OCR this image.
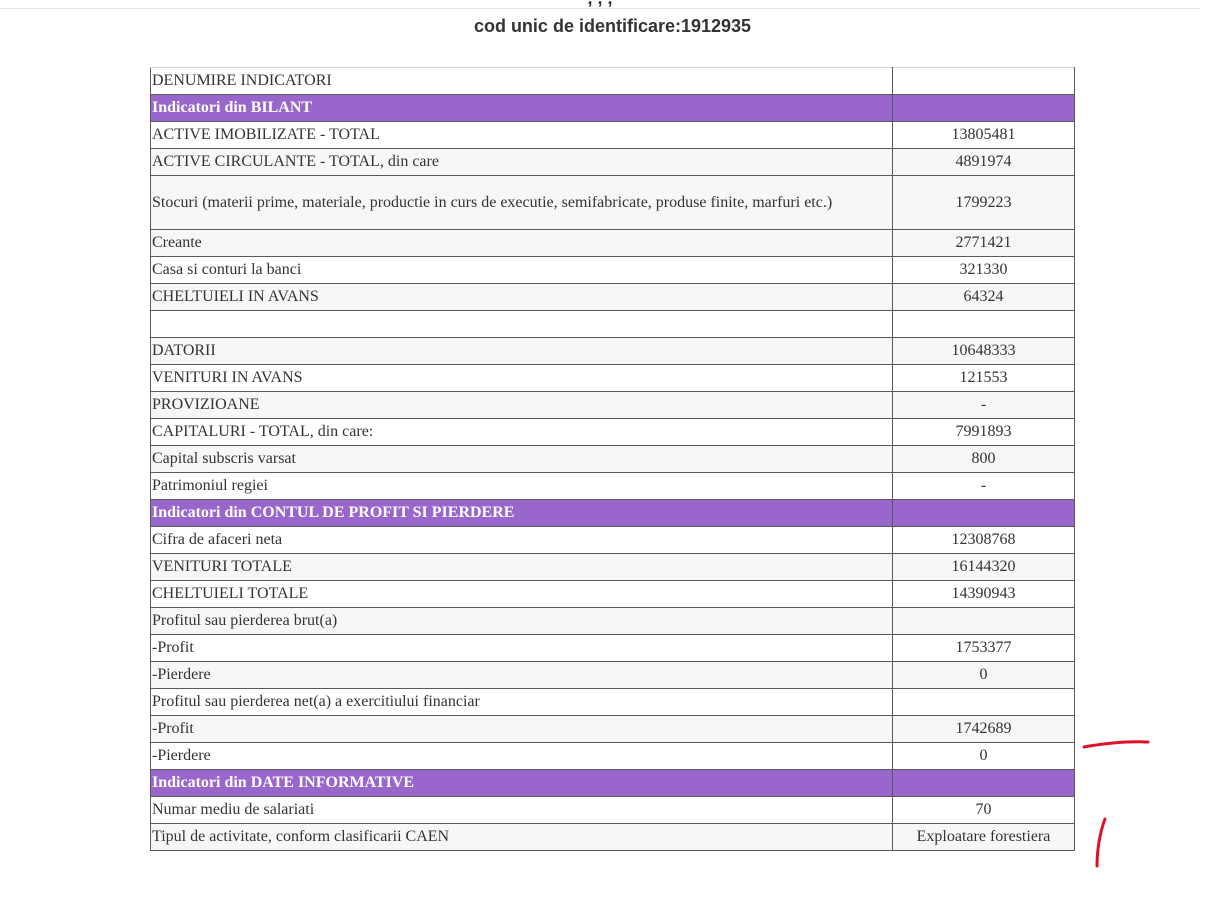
cod unic de identificare:1912935
DENUMIRE INDICATORI	
Indicatori din BILANT	
ACTIVE IMOBILIZATE - TOTAL	13805481
ACTIVE CIRCULANTE - TOTAL, din care	4891974
Stocuri (materii prime, materiale, productie in curs de executie, semifabricate, produse finite, marfuri etc.)	1799223
Creante	2771421
Casa si conturi la banci	321330
CHELTUIELI IN AVANS	64324

DATORII	10648333
VENITURI IN AVANS	121553
PROVIZIOANE	-
CAPITALURI - TOTAL, din care:	7991893
Capital subscris varsat	800
Patrimoniul regiei	-
Indicatori din CONTUL DE PROFIT SI PIERDERE	
Cifra de afaceri neta	12308768
VENITURI TOTALE	16144320
CHELTUIELI TOTALE	14390943
Profitul sau pierderea brut(a)	
-Profit	1753377
-Pierdere	0
Profitul sau pierderea net(a) a exercitiului financiar	
-Profit	1742689
-Pierdere	0
Indicatori din DATE INFORMATIVE	
Numar mediu de salariati	70
Tipul de activitate, conform clasificarii CAEN	Exploatare forestiera
